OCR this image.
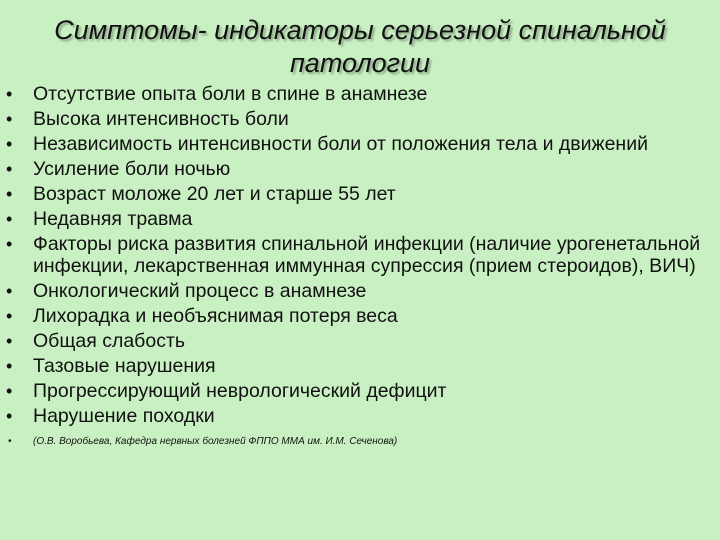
Симптомы- индикаторы серьезной спинальной патологии
• Отсутствие опыта боли в спине в анамнезе
• Высока интенсивность боли
• Независимость интенсивности боли от положения тела и движений
• Усиление боли ночью
• Возраст моложе 20 лет и старше 55 лет
• Недавняя травма
• Факторы риска развития спинальной инфекции (наличие урогенетальной инфекции, лекарственная иммунная супрессия (прием стероидов), ВИЧ)
• Онкологический процесс в анамнезе
• Лихорадка и необъяснимая потеря веса
• Общая слабость
• Тазовые нарушения
• Прогрессирующий неврологический дефицит
• Нарушение походки
• (О.В. Воробьева, Кафедра нервных болезней ФППО ММА им. И.М. Сеченова)
